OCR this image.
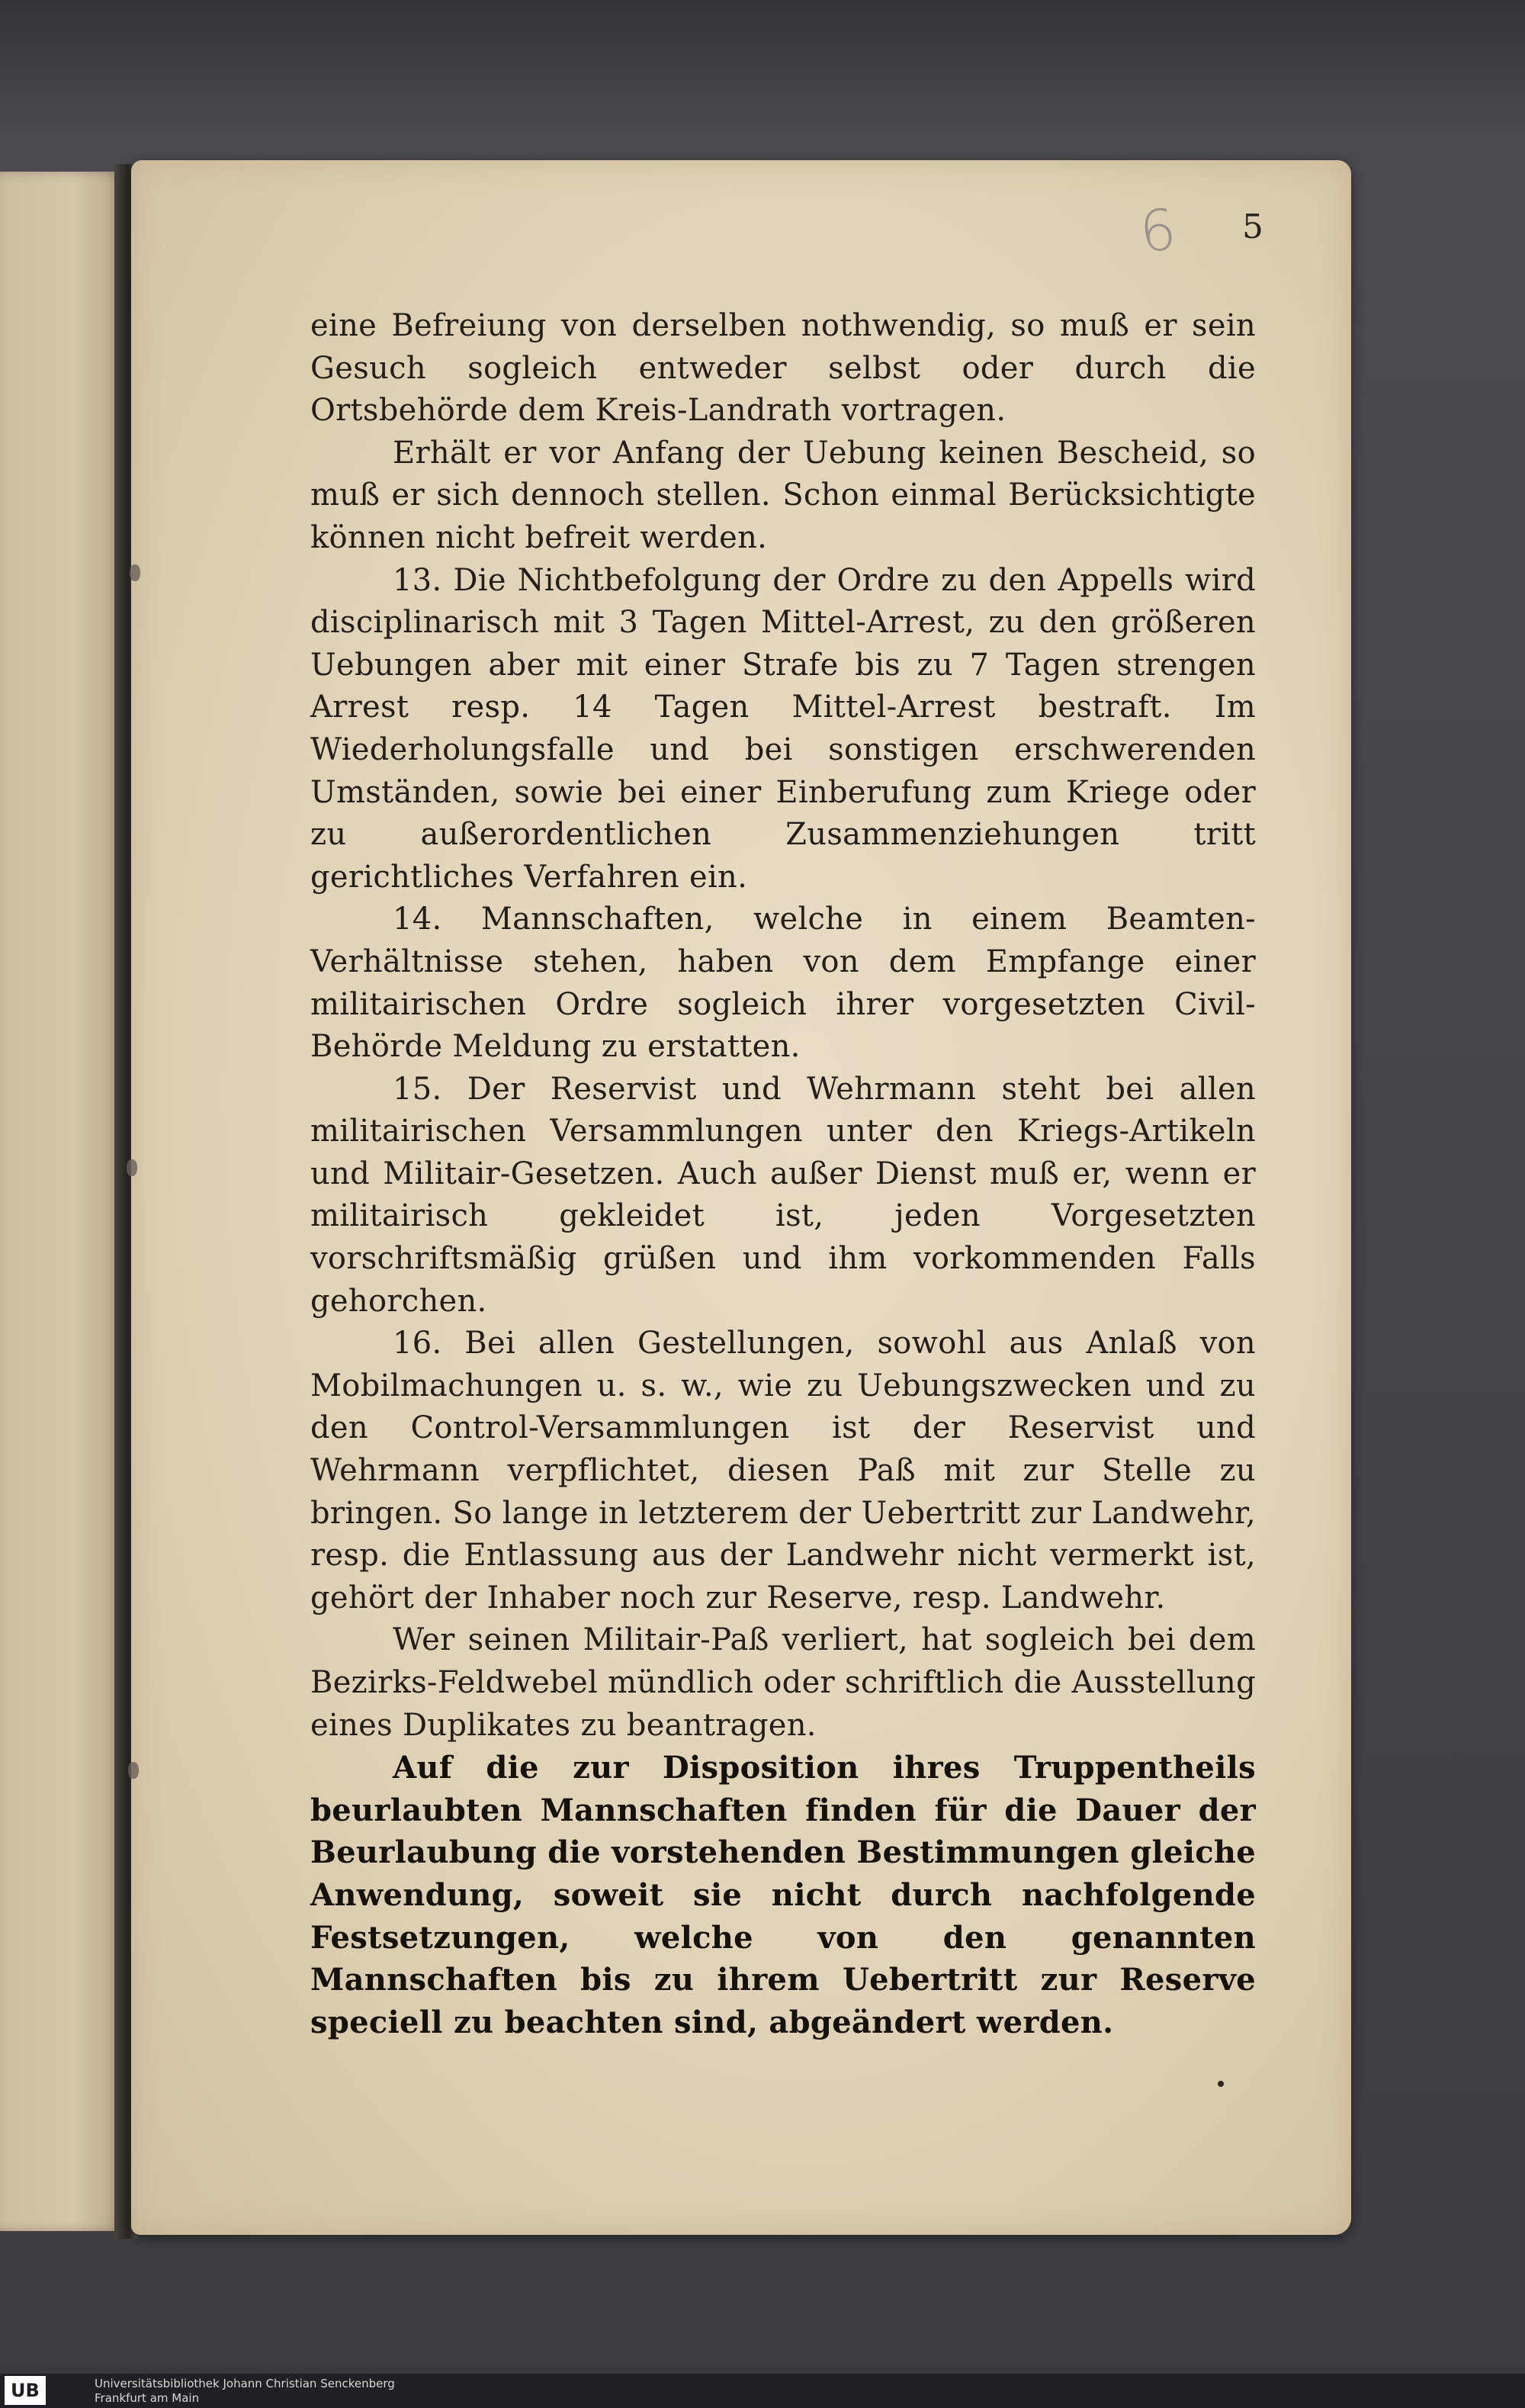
6 5

eine Befreiung von derselben nothwendig, so muß er sein Gesuch sogleich entweder selbst oder durch die Ortsbehörde dem Kreis-Landrath vortragen.

Erhält er vor Anfang der Uebung keinen Bescheid, so muß er sich dennoch stellen. Schon einmal Berücksichtigte können nicht befreit werden.

13. Die Nichtbefolgung der Ordre zu den Appells wird disciplinarisch mit 3 Tagen Mittel-Arrest, zu den größeren Uebungen aber mit einer Strafe bis zu 7 Tagen strengen Arrest resp. 14 Tagen Mittel-Arrest bestraft. Im Wiederholungsfalle und bei sonstigen erschwerenden Umständen, sowie bei einer Einberufung zum Kriege oder zu außerordentlichen Zusammenziehungen tritt gerichtliches Verfahren ein.

14. Mannschaften, welche in einem Beamten-Verhältnisse stehen, haben von dem Empfange einer militairischen Ordre sogleich ihrer vorgesetzten Civil-Behörde Meldung zu erstatten.

15. Der Reservist und Wehrmann steht bei allen militairischen Versammlungen unter den Kriegs-Artikeln und Militair-Gesetzen. Auch außer Dienst muß er, wenn er militairisch gekleidet ist, jeden Vorgesetzten vorschriftsmäßig grüßen und ihm vorkommenden Falls gehorchen.

16. Bei allen Gestellungen, sowohl aus Anlaß von Mobilmachungen u. s. w., wie zu Uebungszwecken und zu den Control-Versammlungen ist der Reservist und Wehrmann verpflichtet, diesen Paß mit zur Stelle zu bringen. So lange in letzterem der Uebertritt zur Landwehr, resp. die Entlassung aus der Landwehr nicht vermerkt ist, gehört der Inhaber noch zur Reserve, resp. Landwehr.

Wer seinen Militair-Paß verliert, hat sogleich bei dem Bezirks-Feldwebel mündlich oder schriftlich die Ausstellung eines Duplikates zu beantragen.

Auf die zur Disposition ihres Truppentheils beurlaubten Mannschaften finden für die Dauer der Beurlaubung die vorstehenden Bestimmungen gleiche Anwendung, soweit sie nicht durch nachfolgende Festsetzungen, welche von den genannten Mannschaften bis zu ihrem Uebertritt zur Reserve speciell zu beachten sind, abgeändert werden.

UB	Universitätsbibliothek Johann Christian Senckenberg
Frankfurt am Main
